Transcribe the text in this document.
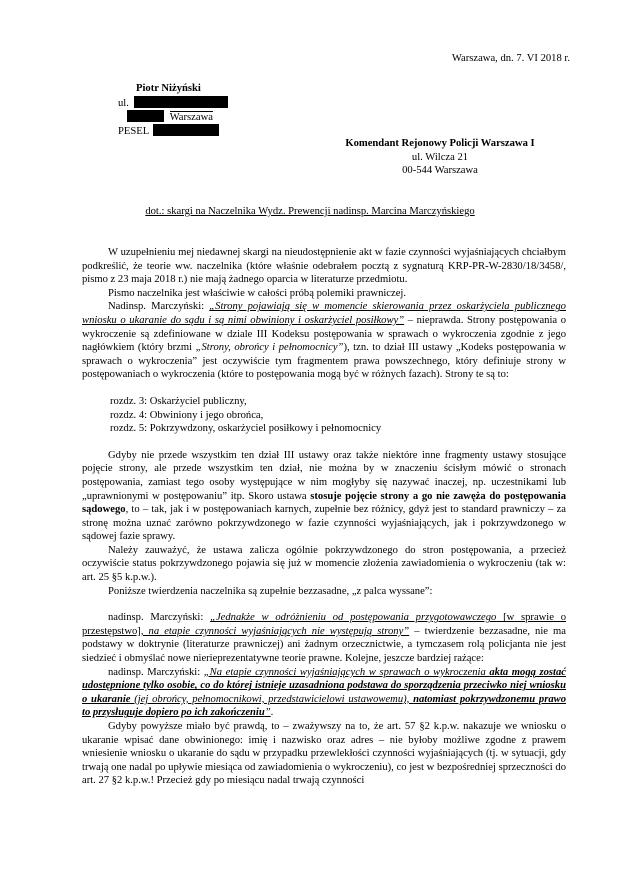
Warszawa, dn. 7. VI 2018 r.
Piotr Niżyński
ul.
Warszawa
PESEL
Komendant Rejonowy Policji Warszawa I
ul. Wilcza 21
00-544 Warszawa
dot.: skargi na Naczelnika Wydz. Prewencji nadinsp. Marcina Marczyńskiego

W uzupełnieniu mej niedawnej skargi na nieudostępnienie akt w fazie czynności wyjaśniających chciałbym podkreślić, że teorie ww. naczelnika (które właśnie odebrałem pocztą z sygnaturą KRP-PR-W-2830/18/3458/, pismo z 23 maja 2018 r.) nie mają żadnego oparcia w literaturze przedmiotu.

Pismo naczelnika jest właściwie w całości próbą polemiki prawniczej.

Nadinsp. Marczyński: „Strony pojawiają się w momencie skierowania przez oskarżyciela publicznego wniosku o ukaranie do sądu i są nimi obwiniony i oskarżyciel posiłkowy” – nieprawda. Strony postępowania o wykroczenie są zdefiniowane w dziale III Kodeksu postępowania w sprawach o wykroczenia zgodnie z jego nagłówkiem (który brzmi „Strony, obrońcy i pełnomocnicy”), tzn. to dział III ustawy „Kodeks postępowania w sprawach o wykroczenia” jest oczywiście tym fragmentem prawa powszechnego, który definiuje strony w postępowaniach o wykroczenia (które to postępowania mogą być w różnych fazach). Strony te są to:

rozdz. 3: Oskarżyciel publiczny,
rozdz. 4: Obwiniony i jego obrońca,
rozdz. 5: Pokrzywdzony, oskarżyciel posiłkowy i pełnomocnicy

Gdyby nie przede wszystkim ten dział III ustawy oraz także niektóre inne fragmenty ustawy stosujące pojęcie strony, ale przede wszystkim ten dział, nie można by w znaczeniu ścisłym mówić o stronach postępowania, zamiast tego osoby występujące w nim mogłyby się nazywać inaczej, np. uczestnikami lub „uprawnionymi w postępowaniu” itp. Skoro ustawa stosuje pojęcie strony a go nie zawęża do postępowania sądowego, to – tak, jak i w postępowaniach karnych, zupełnie bez różnicy, gdyż jest to standard prawniczy – za stronę można uznać zarówno pokrzywdzonego w fazie czynności wyjaśniających, jak i pokrzywdzonego w sądowej fazie sprawy.

Należy zauważyć, że ustawa zalicza ogólnie pokrzywdzonego do stron postępowania, a przecież oczywiście status pokrzywdzonego pojawia się już w momencie złożenia zawiadomienia o wykroczeniu (tak w: art. 25 §5 k.p.w.).

Poniższe twierdzenia naczelnika są zupełnie bezzasadne, „z palca wyssane”:

nadinsp. Marczyński: „Jednakże w odróżnieniu od postępowania przygotowawczego [w sprawie o przestępstwo], na etapie czynności wyjaśniających nie występują strony” – twierdzenie bezzasadne, nie ma podstawy w doktrynie (literaturze prawniczej) ani żadnym orzecznictwie, a tymczasem rolą policjanta nie jest siedzieć i obmyślać nowe nierieprezentatywne teorie prawne. Kolejne, jeszcze bardziej rażące:

nadinsp. Marczyński: „Na etapie czynności wyjaśniających w sprawach o wykroczenia akta mogą zostać udostępnione tylko osobie, co do której istnieje uzasadniona podstawa do sporządzenia przeciwko niej wniosku o ukaranie (jej obrońcy, pełnomocnikowi, przedstawicielowi ustawowemu), natomiast pokrzywdzonemu prawo to przysługuje dopiero po ich zakończeniu”.

Gdyby powyższe miało być prawdą, to – zważywszy na to, że art. 57 §2 k.p.w. nakazuje we wniosku o ukaranie wpisać dane obwinionego: imię i nazwisko oraz adres – nie byłoby możliwe zgodne z prawem wniesienie wniosku o ukaranie do sądu w przypadku przewlekłości czynności wyjaśniających (tj. w sytuacji, gdy trwają one nadal po upływie miesiąca od zawiadomienia o wykroczeniu), co jest w bezpośredniej sprzeczności do art. 27 §2 k.p.w.! Przecież gdy po miesiącu nadal trwają czynności
